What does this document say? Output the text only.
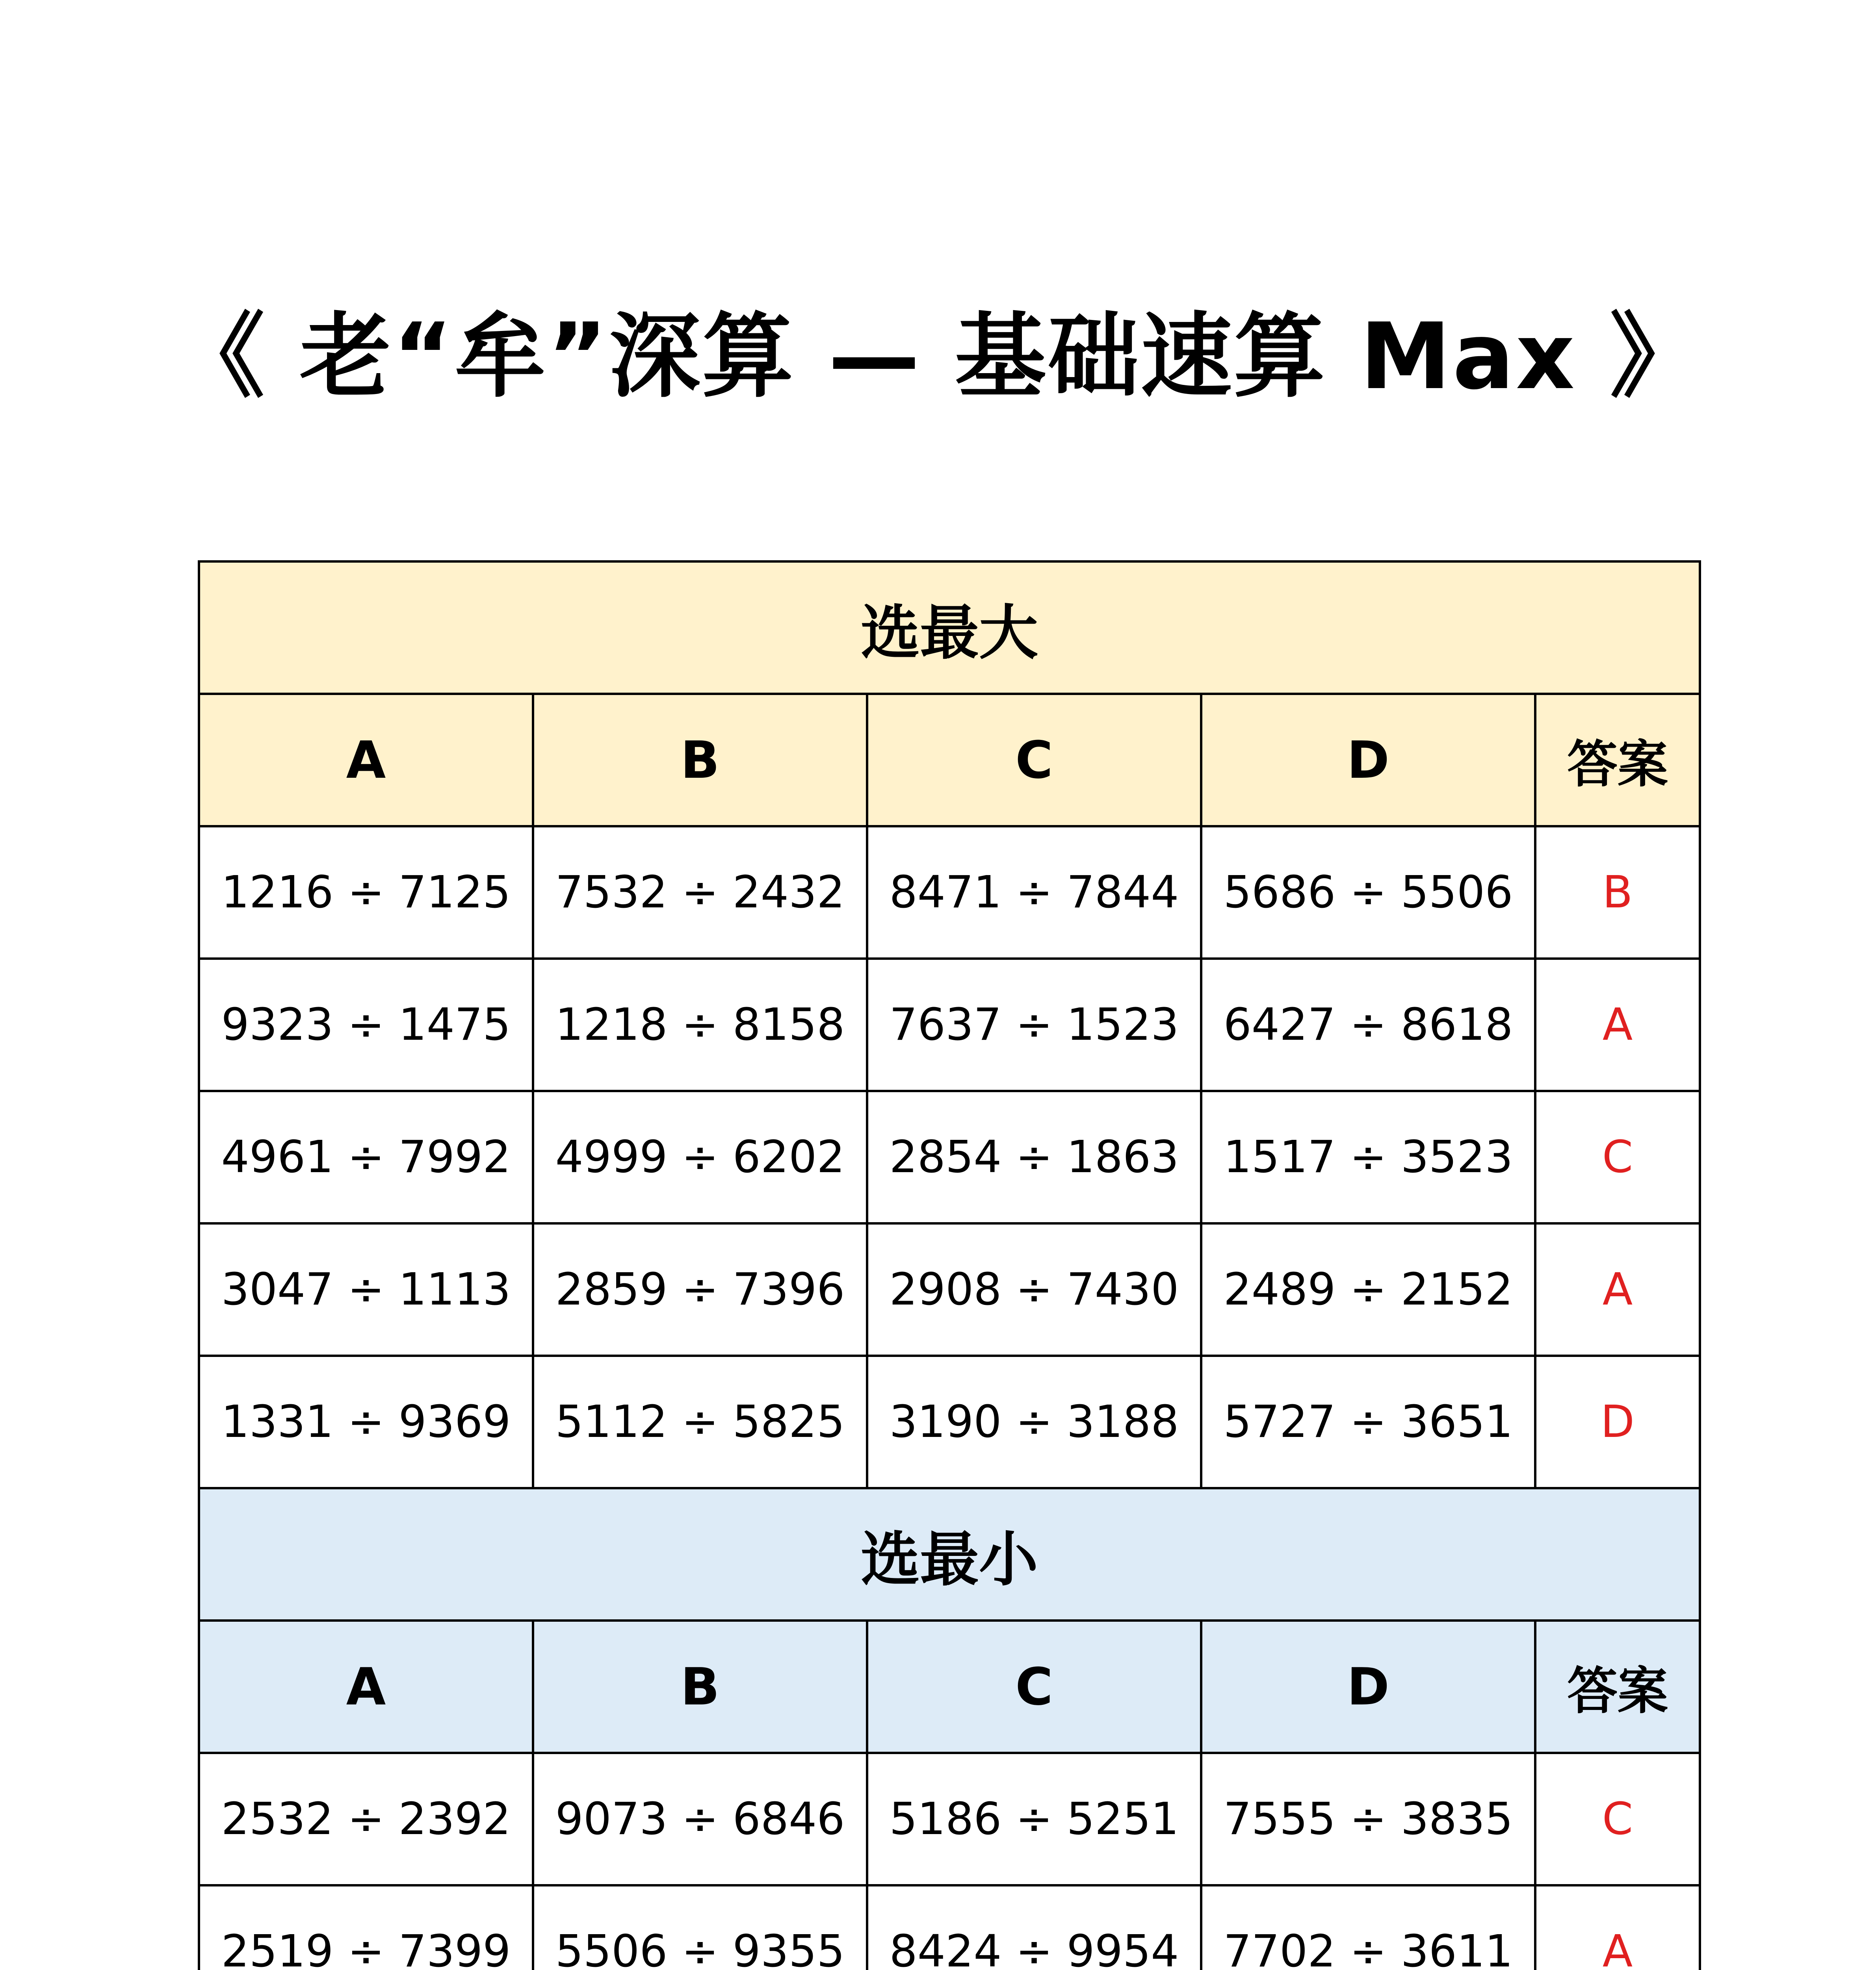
《 老“牟”深算 — 基础速算 Max 》
选最大				
A	B	C	D	答案
1216 ÷ 7125	7532 ÷ 2432	8471 ÷ 7844	5686 ÷ 5506	B
9323 ÷ 1475	1218 ÷ 8158	7637 ÷ 1523	6427 ÷ 8618	A
4961 ÷ 7992	4999 ÷ 6202	2854 ÷ 1863	1517 ÷ 3523	C
3047 ÷ 1113	2859 ÷ 7396	2908 ÷ 7430	2489 ÷ 2152	A
1331 ÷ 9369	5112 ÷ 5825	3190 ÷ 3188	5727 ÷ 3651	D
选最小				
A	B	C	D	答案
2532 ÷ 2392	9073 ÷ 6846	5186 ÷ 5251	7555 ÷ 3835	C
2519 ÷ 7399	5506 ÷ 9355	8424 ÷ 9954	7702 ÷ 3611	A
